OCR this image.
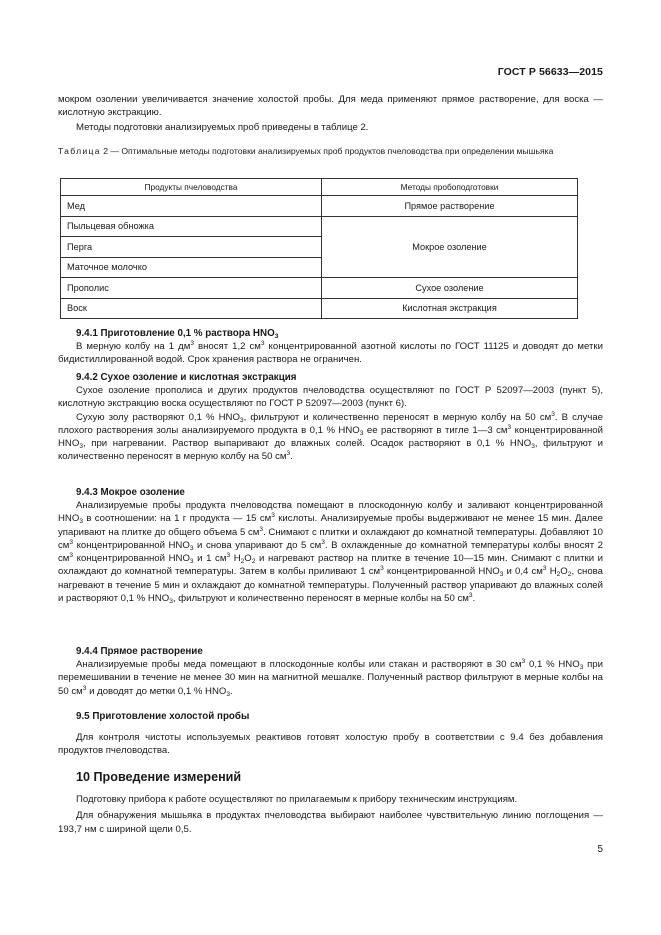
ГОСТ Р 56633—2015

мокром озолении увеличивается значение холостой пробы. Для меда применяют прямое растворение, для воска — кислотную экстракцию.

Методы подготовки анализируемых проб приведены в таблице 2.

Таблица 2 — Оптимальные методы подготовки анализируемых проб продуктов пчеловодства при определении мышьяка
Продукты пчеловодства	Методы пробоподготовки
Мед	Прямое растворение
Пыльцевая обножка	Мокрое озоление
Перга	
Маточное молочко	
Прополис	Сухое озоление
Воск	Кислотная экстракция

9.4.1 Приготовление 0,1 % раствора $HNO_3$

В мерную колбу на 1 $дм^3$ вносят 1,2 $см^3$ концентрированной азотной кислоты по ГОСТ 11125 и доводят до метки бидистиллированной водой. Срок хранения раствора не ограничен.

9.4.2 Сухое озоление и кислотная экстракция

Сухое озоление прополиса и других продуктов пчеловодства осуществляют по ГОСТ Р 52097—2003 (пункт 5), кислотную экстракцию воска осуществляют по ГОСТ Р 52097—2003 (пункт 6).

Сухую золу растворяют 0,1 % $HNO_3$, фильтруют и количественно переносят в мерную колбу на 50 $см^3$. В случае плохого растворения золы анализируемого продукта в 0,1 % $HNO_3$ ее растворяют в тигле 1—3 $см^3$ концентрированной $HNO_3$, при нагревании. Раствор выпаривают до влажных солей. Осадок растворяют в 0,1 % $HNO_3$, фильтруют и количественно переносят в мерную колбу на 50 $см^3$.

9.4.3 Мокрое озоление

Анализируемые пробы продукта пчеловодства помещают в плоскодонную колбу и заливают концентрированной $HNO_3$ в соотношении: на 1 г продукта — 15 $см^3$ кислоты. Анализируемые пробы выдерживают не менее 15 мин. Далее упаривают на плитке до общего объема 5 $см^3$. Снимают с плитки и охлаждают до комнатной температуры. Добавляют 10 $см^3$ концентрированной $HNO_3$ и снова упаривают до 5 $см^3$. В охлажденные до комнатной температуры колбы вносят 2 $см^3$ концентрированной $HNO_3$ и 1 $см^3$ $H_2O_2$ и нагревают раствор на плитке в течение 10—15 мин. Снимают с плитки и охлаждают до комнатной температуры. Затем в колбы приливают 1 $см^3$ концентрированной $HNO_3$ и 0,4 $см^3$ $H_2O_2$, снова нагревают в течение 5 мин и охлаждают до комнатной температуры. Полученный раствор упаривают до влажных солей и растворяют 0,1 % $HNO_3$, фильтруют и количественно переносят в мерные колбы на 50 $см^3$.

9.4.4 Прямое растворение

Анализируемые пробы меда помещают в плоскодонные колбы или стакан и растворяют в 30 $см^3$ 0,1 % $HNO_3$ при перемешивании в течение не менее 30 мин на магнитной мешалке. Полученный раствор фильтруют в мерные колбы на 50 $см^3$ и доводят до метки 0,1 % $HNO_3$.

9.5 Приготовление холостой пробы

Для контроля чистоты используемых реактивов готовят холостую пробу в соответствии с 9.4 без добавления продуктов пчеловодства.

10 Проведение измерений

Подготовку прибора к работе осуществляют по прилагаемым к прибору техническим инструкциям.

Для обнаружения мышьяка в продуктах пчеловодства выбирают наиболее чувствительную линию поглощения — 193,7 нм с шириной щели 0,5.

5
